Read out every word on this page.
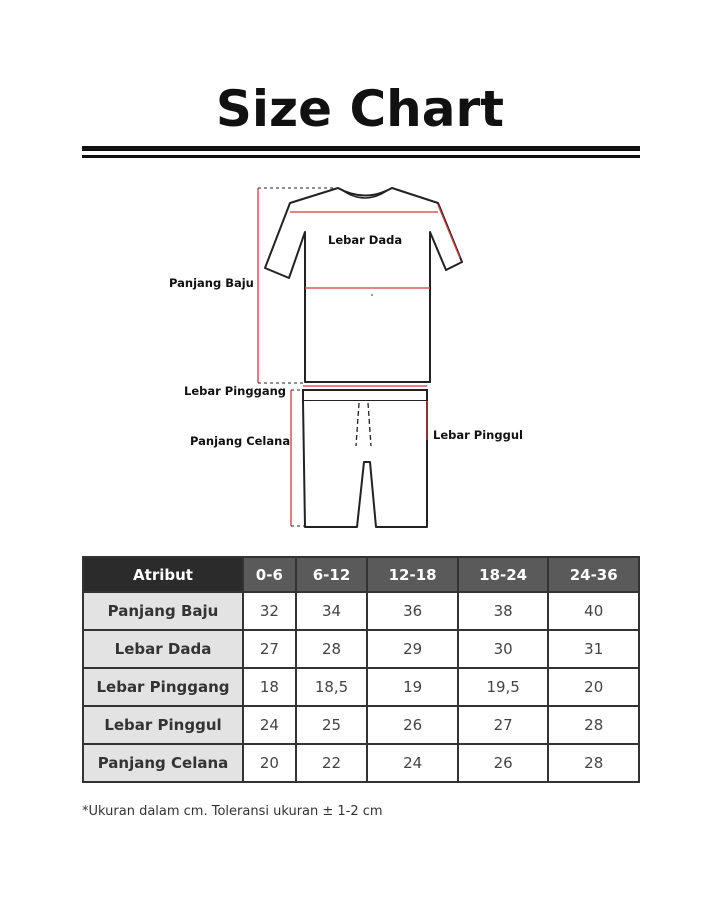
Size Chart
Lebar Dada
Panjang Baju
Lebar Pinggang
Panjang Celana	Lebar Pinggul
Atribut	0-6	6-12	12-18	18-24	24-36
Panjang Baju	32	34	36	38	40
Lebar Dada	27	28	29	30	31
Lebar Pinggang	18	18,5	19	19,5	20
Lebar Pinggul	24	25	26	27	28
Panjang Celana	20	22	24	26	28
*Ukuran dalam cm. Toleransi ukuran ± 1-2 cm
